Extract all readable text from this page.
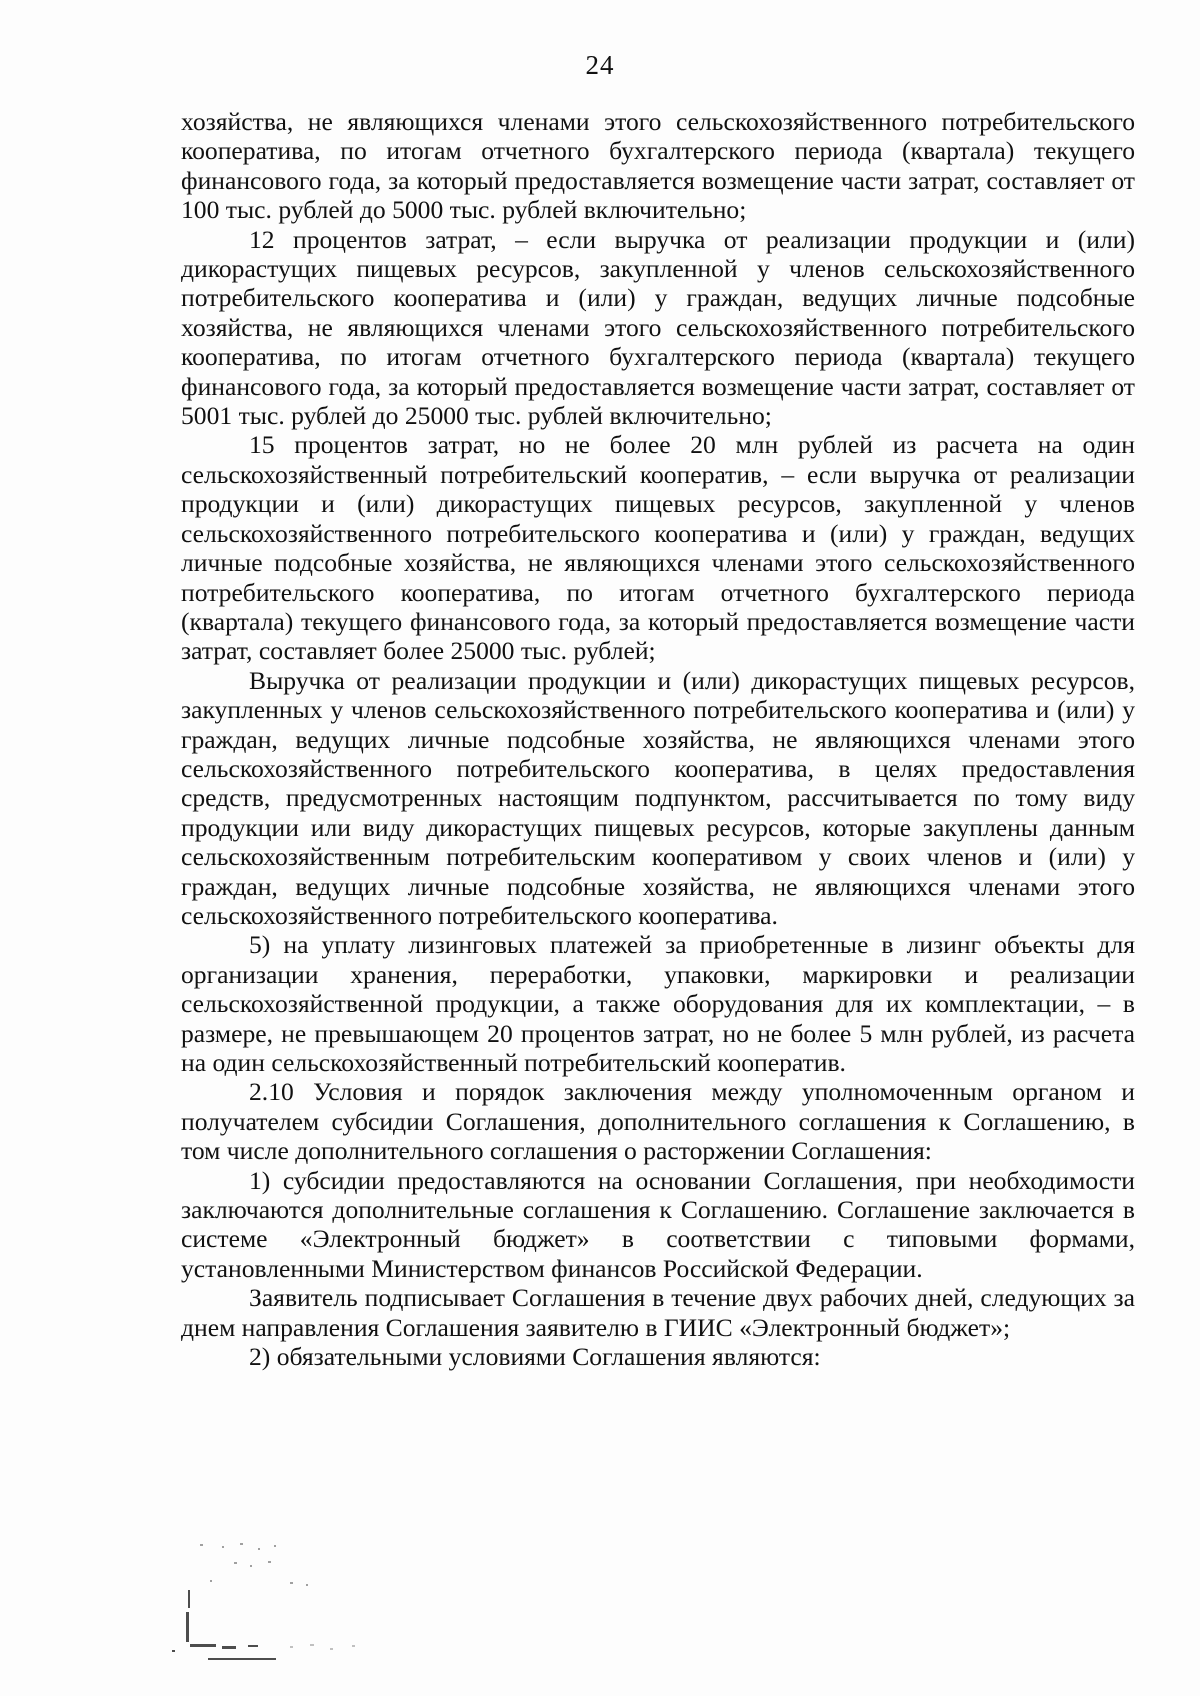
24

хозяйства, не являющихся членами этого сельскохозяйственного потребительского кооператива, по итогам отчетного бухгалтерского периода (квартала) текущего финансового года, за который предоставляется возмещение части затрат, составляет от 100 тыс. рублей до 5000 тыс. рублей включительно;

12 процентов затрат, – если выручка от реализации продукции и (или) дикорастущих пищевых ресурсов, закупленной у членов сельскохозяйственного потребительского кооператива и (или) у граждан, ведущих личные подсобные хозяйства, не являющихся членами этого сельскохозяйственного потребительского кооператива, по итогам отчетного бухгалтерского периода (квартала) текущего финансового года, за который предоставляется возмещение части затрат, составляет от 5001 тыс. рублей до 25000 тыс. рублей включительно;

15 процентов затрат, но не более 20 млн рублей из расчета на один сельскохозяйственный потребительский кооператив, – если выручка от реализации продукции и (или) дикорастущих пищевых ресурсов, закупленной у членов сельскохозяйственного потребительского кооператива и (или) у граждан, ведущих личные подсобные хозяйства, не являющихся членами этого сельскохозяйственного потребительского кооператива, по итогам отчетного бухгалтерского периода (квартала) текущего финансового года, за который предоставляется возмещение части затрат, составляет более 25000 тыс. рублей;

Выручка от реализации продукции и (или) дикорастущих пищевых ресурсов, закупленных у членов сельскохозяйственного потребительского кооператива и (или) у граждан, ведущих личные подсобные хозяйства, не являющихся членами этого сельскохозяйственного потребительского кооператива, в целях предоставления средств, предусмотренных настоящим подпунктом, рассчитывается по тому виду продукции или виду дикорастущих пищевых ресурсов, которые закуплены данным сельскохозяйственным потребительским кооперативом у своих членов и (или) у граждан, ведущих личные подсобные хозяйства, не являющихся членами этого сельскохозяйственного потребительского кооператива.

5) на уплату лизинговых платежей за приобретенные в лизинг объекты для организации хранения, переработки, упаковки, маркировки и реализации сельскохозяйственной продукции, а также оборудования для их комплектации, – в размере, не превышающем 20 процентов затрат, но не более 5 млн рублей, из расчета на один сельскохозяйственный потребительский кооператив.

2.10 Условия и порядок заключения между уполномоченным органом и получателем субсидии Соглашения, дополнительного соглашения к Соглашению, в том числе дополнительного соглашения о расторжении Соглашения:

1) субсидии предоставляются на основании Соглашения, при необходимости заключаются дополнительные соглашения к Соглашению. Соглашение заключается в системе «Электронный бюджет» в соответствии с типовыми формами, установленными Министерством финансов Российской Федерации.

Заявитель подписывает Соглашения в течение двух рабочих дней, следующих за днем направления Соглашения заявителю в ГИИС «Электронный бюджет»;

2) обязательными условиями Соглашения являются:
